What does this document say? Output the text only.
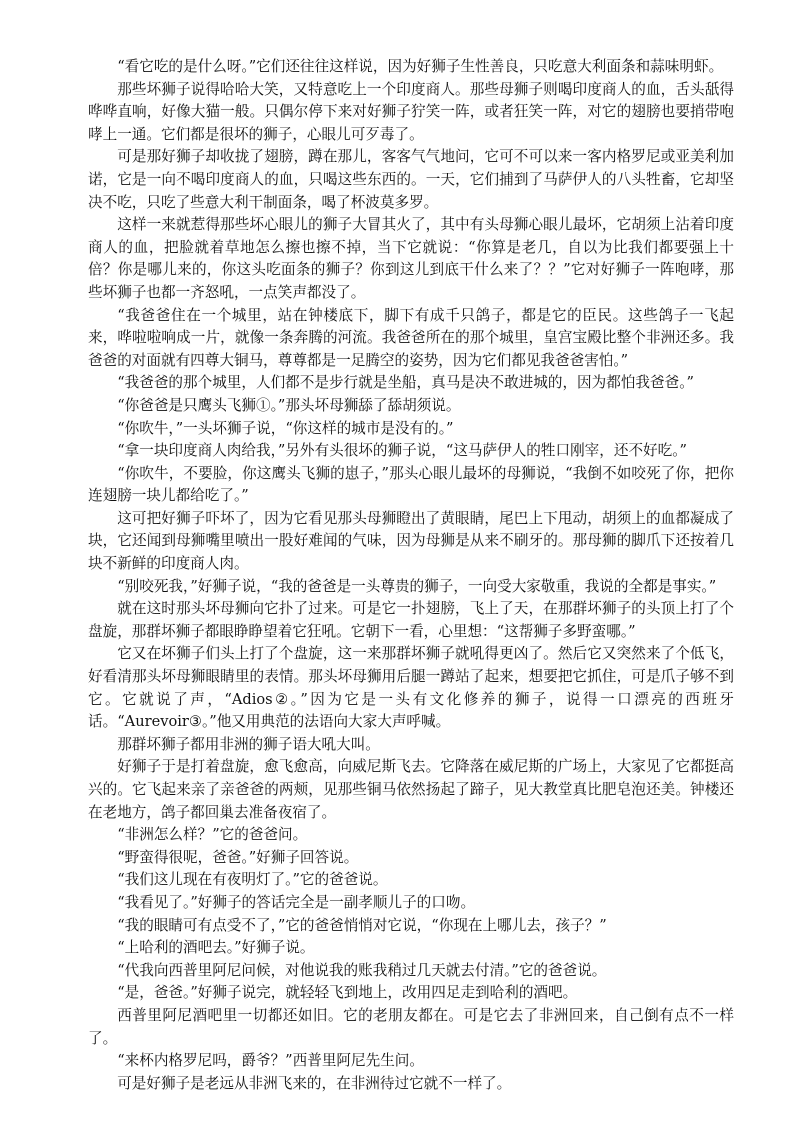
“看它吃的是什么呀。”它们还往往这样说，因为好狮子生性善良，只吃意大利面条和蒜味明虾。

那些坏狮子说得哈哈大笑，又特意吃上一个印度商人。那些母狮子则喝印度商人的血，舌头舐得哗哗直响，好像大猫一般。只偶尔停下来对好狮子狞笑一阵，或者狂笑一阵，对它的翅膀也要捎带咆哮上一通。它们都是很坏的狮子，心眼儿可歹毒了。

可是那好狮子却收拢了翅膀，蹲在那儿，客客气气地问，它可不可以来一客内格罗尼或亚美利加诺，它是一向不喝印度商人的血，只喝这些东西的。一天，它们捕到了马萨伊人的八头牲畜，它却坚决不吃，只吃了些意大利干制面条，喝了杯波莫多罗。

这样一来就惹得那些坏心眼儿的狮子大冒其火了，其中有头母狮心眼儿最坏，它胡须上沾着印度商人的血，把脸就着草地怎么擦也擦不掉，当下它就说：“你算是老几，自以为比我们都要强上十倍？你是哪儿来的，你这头吃面条的狮子？你到这儿到底干什么来了？？”它对好狮子一阵咆哮，那些坏狮子也都一齐怒吼，一点笑声都没了。

“我爸爸住在一个城里，站在钟楼底下，脚下有成千只鸽子，都是它的臣民。这些鸽子一飞起来，哗啦啦响成一片，就像一条奔腾的河流。我爸爸所在的那个城里，皇宫宝殿比整个非洲还多。我爸爸的对面就有四尊大铜马，尊尊都是一足腾空的姿势，因为它们都见我爸爸害怕。”

“我爸爸的那个城里，人们都不是步行就是坐船，真马是决不敢进城的，因为都怕我爸爸。”

“你爸爸是只鹰头飞狮①。”那头坏母狮舔了舔胡须说。

“你吹牛，”一头坏狮子说，“你这样的城市是没有的。”

“拿一块印度商人肉给我，”另外有头很坏的狮子说，“这马萨伊人的牲口刚宰，还不好吃。”

“你吹牛，不要脸，你这鹰头飞狮的崽子，”那头心眼儿最坏的母狮说，“我倒不如咬死了你，把你连翅膀一块儿都给吃了。”

这可把好狮子吓坏了，因为它看见那头母狮瞪出了黄眼睛，尾巴上下甩动，胡须上的血都凝成了块，它还闻到母狮嘴里喷出一股好难闻的气味，因为母狮是从来不刷牙的。那母狮的脚爪下还按着几块不新鲜的印度商人肉。

“别咬死我，”好狮子说，“我的爸爸是一头尊贵的狮子，一向受大家敬重，我说的全都是事实。”

就在这时那头坏母狮向它扑了过来。可是它一扑翅膀，飞上了天，在那群坏狮子的头顶上打了个盘旋，那群坏狮子都眼睁睁望着它狂吼。它朝下一看，心里想：“这帮狮子多野蛮哪。”

它又在坏狮子们头上打了个盘旋，这一来那群坏狮子就吼得更凶了。然后它又突然来了个低飞，好看清那头坏母狮眼睛里的表情。那头坏母狮用后腿一蹲站了起来，想要把它抓住，可是爪子够不到它。它就说了声，“Adios②。”因为它是一头有文化修养的狮子，说得一口漂亮的西班牙话。“Aurevoir③。”他又用典范的法语向大家大声呼喊。

那群坏狮子都用非洲的狮子语大吼大叫。

好狮子于是打着盘旋，愈飞愈高，向威尼斯飞去。它降落在威尼斯的广场上，大家见了它都挺高兴的。它飞起来亲了亲爸爸的两颊，见那些铜马依然扬起了蹄子，见大教堂真比肥皂泡还美。钟楼还在老地方，鸽子都回巢去准备夜宿了。

“非洲怎么样？”它的爸爸问。

“野蛮得很呢，爸爸。”好狮子回答说。

“我们这儿现在有夜明灯了。”它的爸爸说。

“我看见了。”好狮子的答话完全是一副孝顺儿子的口吻。

“我的眼睛可有点受不了，”它的爸爸悄悄对它说，“你现在上哪儿去，孩子？”

“上哈利的酒吧去。”好狮子说。

“代我向西普里阿尼问候，对他说我的账我稍过几天就去付清。”它的爸爸说。

“是，爸爸。”好狮子说完，就轻轻飞到地上，改用四足走到哈利的酒吧。

西普里阿尼酒吧里一切都还如旧。它的老朋友都在。可是它去了非洲回来，自己倒有点不一样了。

“来杯内格罗尼吗，爵爷？”西普里阿尼先生问。

可是好狮子是老远从非洲飞来的，在非洲待过它就不一样了。
